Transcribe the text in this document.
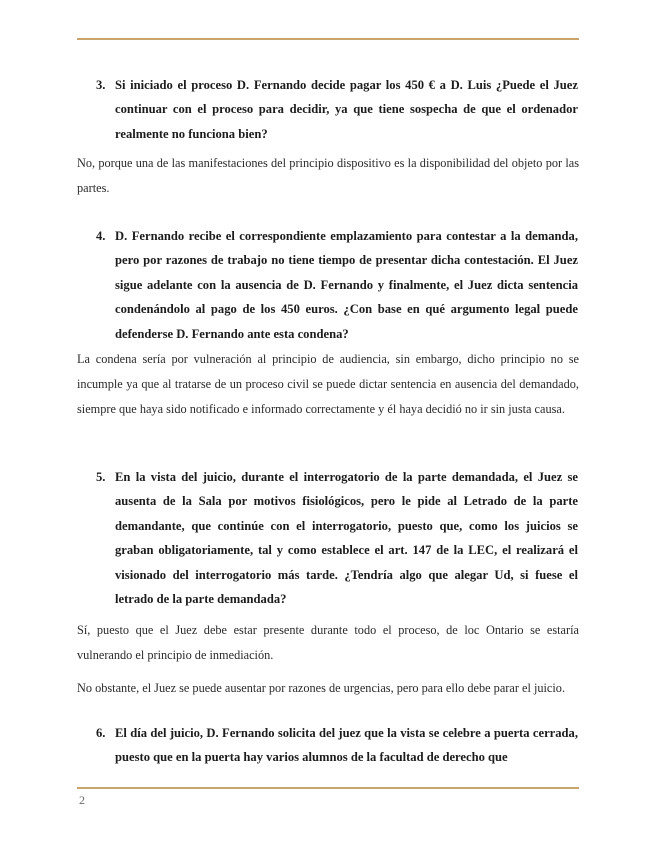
3. Si iniciado el proceso D. Fernando decide pagar los 450 € a D. Luis ¿Puede el Juez continuar con el proceso para decidir, ya que tiene sospecha de que el ordenador realmente no funciona bien?
No, porque una de las manifestaciones del principio dispositivo es la disponibilidad del objeto por las partes.
4. D. Fernando recibe el correspondiente emplazamiento para contestar a la demanda, pero por razones de trabajo no tiene tiempo de presentar dicha contestación. El Juez sigue adelante con la ausencia de D. Fernando y finalmente, el Juez dicta sentencia condenándolo al pago de los 450 euros. ¿Con base en qué argumento legal puede defenderse D. Fernando ante esta condena?
La condena sería por vulneración al principio de audiencia, sin embargo, dicho principio no se incumple ya que al tratarse de un proceso civil se puede dictar sentencia en ausencia del demandado, siempre que haya sido notificado e informado correctamente y él haya decidió no ir sin justa causa.
5. En la vista del juicio, durante el interrogatorio de la parte demandada, el Juez se ausenta de la Sala por motivos fisiológicos, pero le pide al Letrado de la parte demandante, que continúe con el interrogatorio, puesto que, como los juicios se graban obligatoriamente, tal y como establece el art. 147 de la LEC, el realizará el visionado del interrogatorio más tarde. ¿Tendría algo que alegar Ud, si fuese el letrado de la parte demandada?
Sí, puesto que el Juez debe estar presente durante todo el proceso, de loc Ontario se estaría vulnerando el principio de inmediación.
No obstante, el Juez se puede ausentar por razones de urgencias, pero para ello debe parar el juicio.
6. El día del juicio, D. Fernando solicita del juez que la vista se celebre a puerta cerrada, puesto que en la puerta hay varios alumnos de la facultad de derecho que
2
